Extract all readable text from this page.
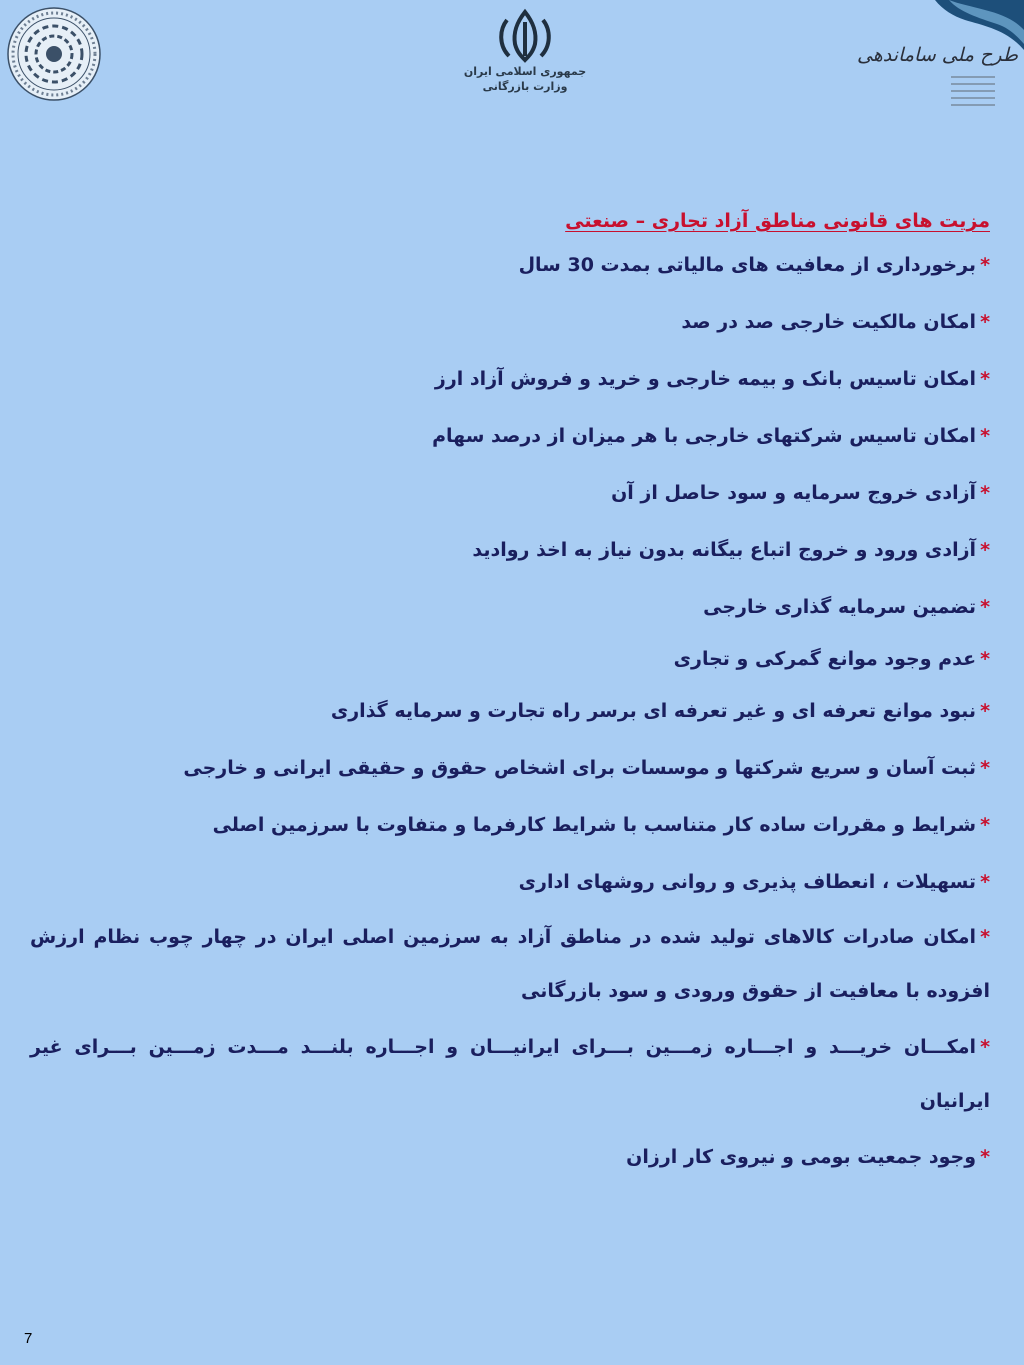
جمهوری اسلامی ایران
وزارت بازرگانی
طرح ملی ساماندهی
مزیت های قانونی مناطق آزاد تجاری – صنعتی
*برخورداری از معافیت های مالیاتی بمدت 30 سال
*امکان مالکیت خارجی صد در صد
*امکان تاسیس بانک و بیمه خارجی و خرید و فروش آزاد ارز
*امکان تاسیس شرکتهای خارجی با هر میزان از درصد سهام
*آزادی خروج سرمایه و سود حاصل از آن
*آزادی ورود و خروج اتباع بیگانه بدون نیاز به اخذ روادید
*تضمین سرمایه گذاری خارجی
*عدم وجود موانع گمرکی و تجاری
*نبود موانع تعرفه ای و غیر تعرفه ای برسر راه تجارت و سرمایه گذاری
*ثبت آسان و سریع شرکتها و موسسات برای اشخاص حقوق و حقیقی ایرانی و خارجی
*شرایط و مقررات ساده کار متناسب با شرایط کارفرما و متفاوت با سرزمین اصلی
*تسهیلات ، انعطاف پذیری و روانی روشهای اداری
*امکان صادرات کالاهای تولید شده در مناطق آزاد به سرزمین اصلی ایران در چهار چوب نظام ارزش افزوده با معافیت از حقوق ورودی و سود بازرگانی
*امکـــان خریـــد و اجـــاره زمـــین بـــرای ایرانیـــان و اجـــاره بلنـــد مـــدت زمـــین بـــرای غیر ایرانیان
*وجود جمعیت بومی و نیروی کار ارزان
7
